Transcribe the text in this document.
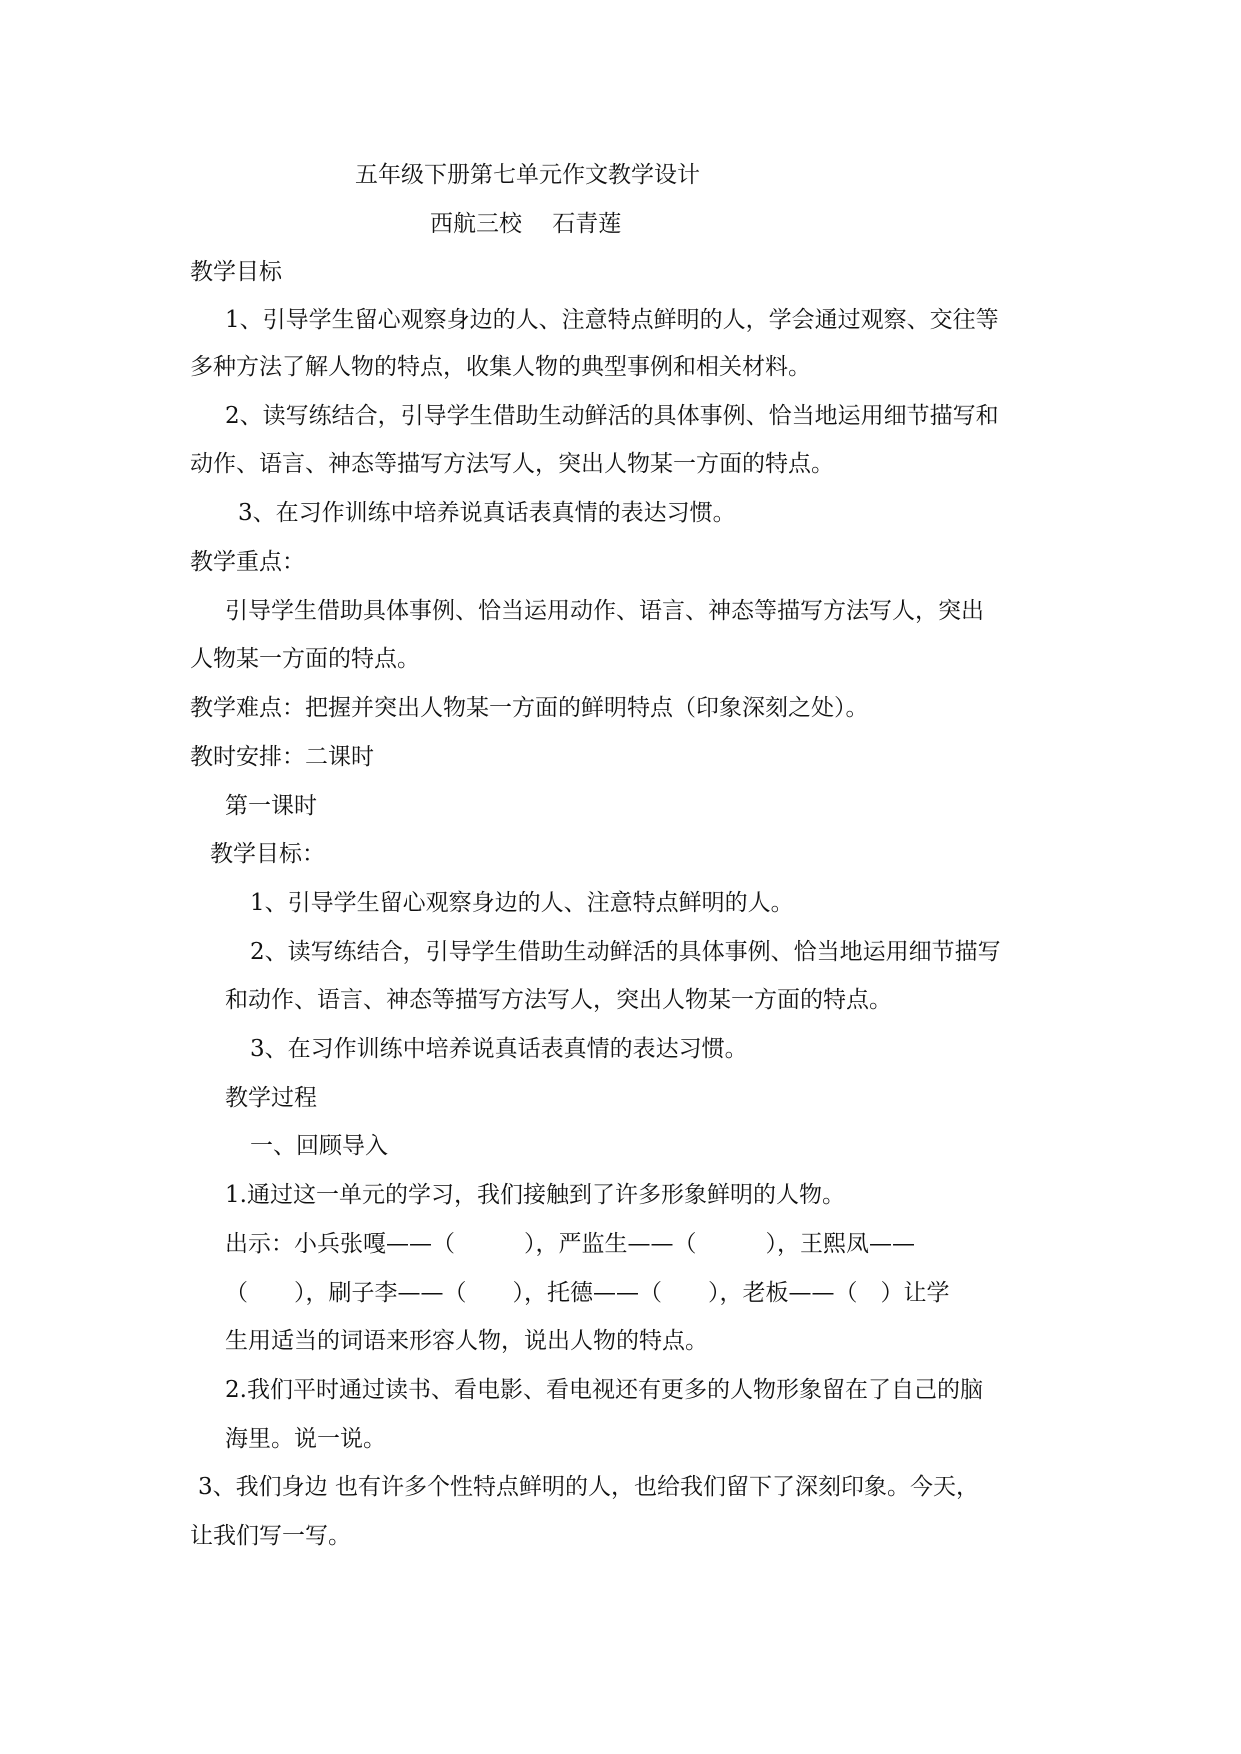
五年级下册第七单元作文教学设计

西航三校　 石青莲

教学目标

1、引导学生留心观察身边的人、注意特点鲜明的人，学会通过观察、交往等

多种方法了解人物的特点，收集人物的典型事例和相关材料。

2、读写练结合，引导学生借助生动鲜活的具体事例、恰当地运用细节描写和

动作、语言、神态等描写方法写人，突出人物某一方面的特点。

3、在习作训练中培养说真话表真情的表达习惯。

教学重点：

引导学生借助具体事例、恰当运用动作、语言、神态等描写方法写人，突出

人物某一方面的特点。

教学难点：把握并突出人物某一方面的鲜明特点（印象深刻之处）。

教时安排：二课时

第一课时

教学目标：

1、引导学生留心观察身边的人、注意特点鲜明的人。

2、读写练结合，引导学生借助生动鲜活的具体事例、恰当地运用细节描写

和动作、语言、神态等描写方法写人，突出人物某一方面的特点。

3、在习作训练中培养说真话表真情的表达习惯。

教学过程

一、回顾导入

1.通过这一单元的学习，我们接触到了许多形象鲜明的人物。

出示：小兵张嘎——（　　　），严监生——（　　　），王熙凤——

（　　），刷子李——（　　），托德——（　　），老板——（　）让学

生用适当的词语来形容人物，说出人物的特点。

2.我们平时通过读书、看电影、看电视还有更多的人物形象留在了自己的脑

海里。说一说。

3、我们身边 也有许多个性特点鲜明的人，也给我们留下了深刻印象。今天，

让我们写一写。
